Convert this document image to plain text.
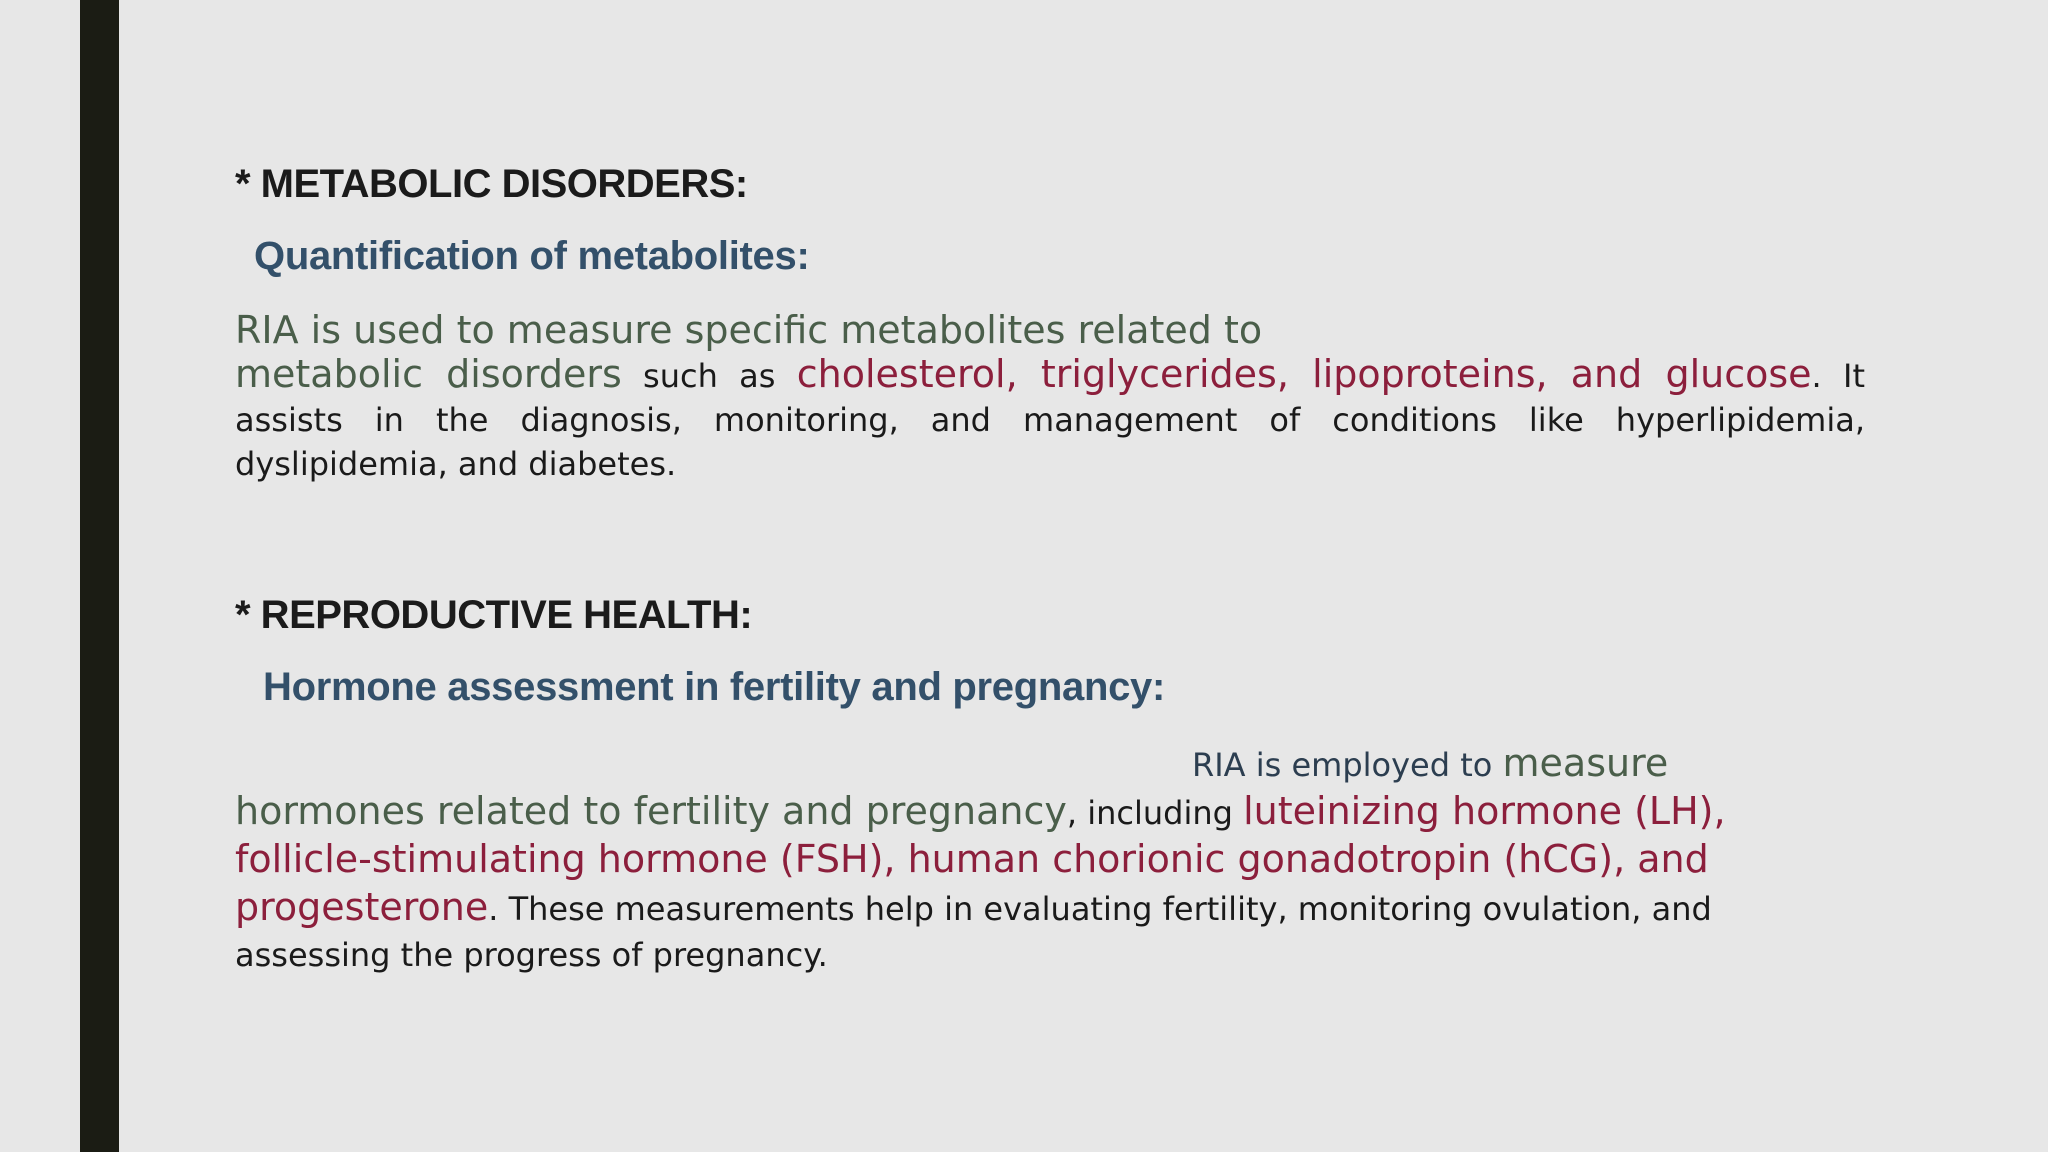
* METABOLIC DISORDERS:
Quantification of metabolites:

RIA is used to measure specific metabolites related to
metabolic disorders such as cholesterol, triglycerides, lipoproteins, and glucose. It assists in the diagnosis, monitoring, and management of conditions like hyperlipidemia, dyslipidemia, and diabetes.

* REPRODUCTIVE HEALTH:
Hormone assessment in fertility and pregnancy:

RIA is employed to measure
hormones related to fertility and pregnancy, including luteinizing hormone (LH), follicle-stimulating hormone (FSH), human chorionic gonadotropin (hCG), and progesterone. These measurements help in evaluating fertility, monitoring ovulation, and assessing the progress of pregnancy.
